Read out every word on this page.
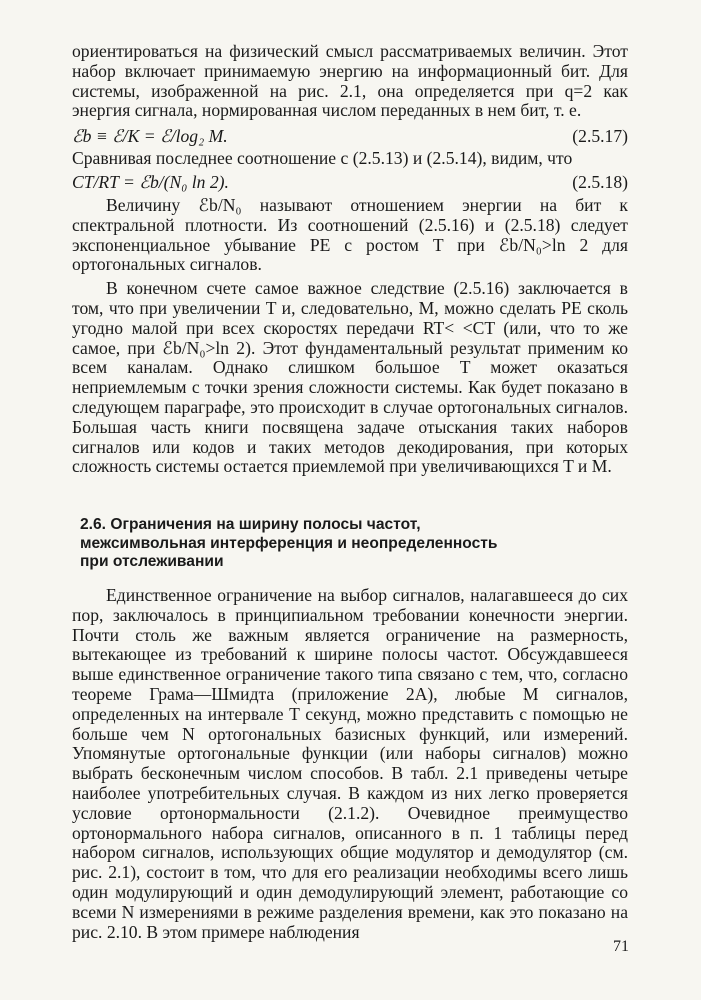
ориентироваться на физический смысл рассматриваемых величин. Этот набор включает принимаемую энергию на информационный бит. Для системы, изображенной на рис. 2.1, она определяется при q=2 как энергия сигнала, нормированная числом переданных в нем бит, т. е.

ℰb ≡ ℰ/K = ℰ/log₂ M.	(2.5.17)

Сравнивая последнее соотношение с (2.5.13) и (2.5.14), видим, что

CT/RT = ℰb/(N₀ ln 2).	(2.5.18)

Величину ℰb/N₀ называют отношением энергии на бит к спектральной плотности. Из соотношений (2.5.16) и (2.5.18) следует экспоненциальное убывание PE с ростом T при ℰb/N₀>ln 2 для ортогональных сигналов.

В конечном счете самое важное следствие (2.5.16) заключается в том, что при увеличении T и, следовательно, M, можно сделать PE сколь угодно малой при всех скоростях передачи RT< <CT (или, что то же самое, при ℰb/N₀>ln 2). Этот фундаментальный результат применим ко всем каналам. Однако слишком большое T может оказаться неприемлемым с точки зрения сложности системы. Как будет показано в следующем параграфе, это происходит в случае ортогональных сигналов. Большая часть книги посвящена задаче отыскания таких наборов сигналов или кодов и таких методов декодирования, при которых сложность системы остается приемлемой при увеличивающихся T и M.

2.6. Ограничения на ширину полосы частот,
межсимвольная интерференция и неопределенность
при отслеживании

Единственное ограничение на выбор сигналов, налагавшееся до сих пор, заключалось в принципиальном требовании конечности энергии. Почти столь же важным является ограничение на размерность, вытекающее из требований к ширине полосы частот. Обсуждавшееся выше единственное ограничение такого типа связано с тем, что, согласно теореме Грама—Шмидта (приложение 2А), любые M сигналов, определенных на интервале T секунд, можно представить с помощью не больше чем N ортогональных базисных функций, или измерений. Упомянутые ортогональные функции (или наборы сигналов) можно выбрать бесконечным числом способов. В табл. 2.1 приведены четыре наиболее употребительных случая. В каждом из них легко проверяется условие ортонормальности (2.1.2). Очевидное преимущество ортонормального набора сигналов, описанного в п. 1 таблицы перед набором сигналов, использующих общие модулятор и демодулятор (см. рис. 2.1), состоит в том, что для его реализации необходимы всего лишь один модулирующий и один демодулирующий элемент, работающие со всеми N измерениями в режиме разделения времени, как это показано на рис. 2.10. В этом примере наблюдения

71
